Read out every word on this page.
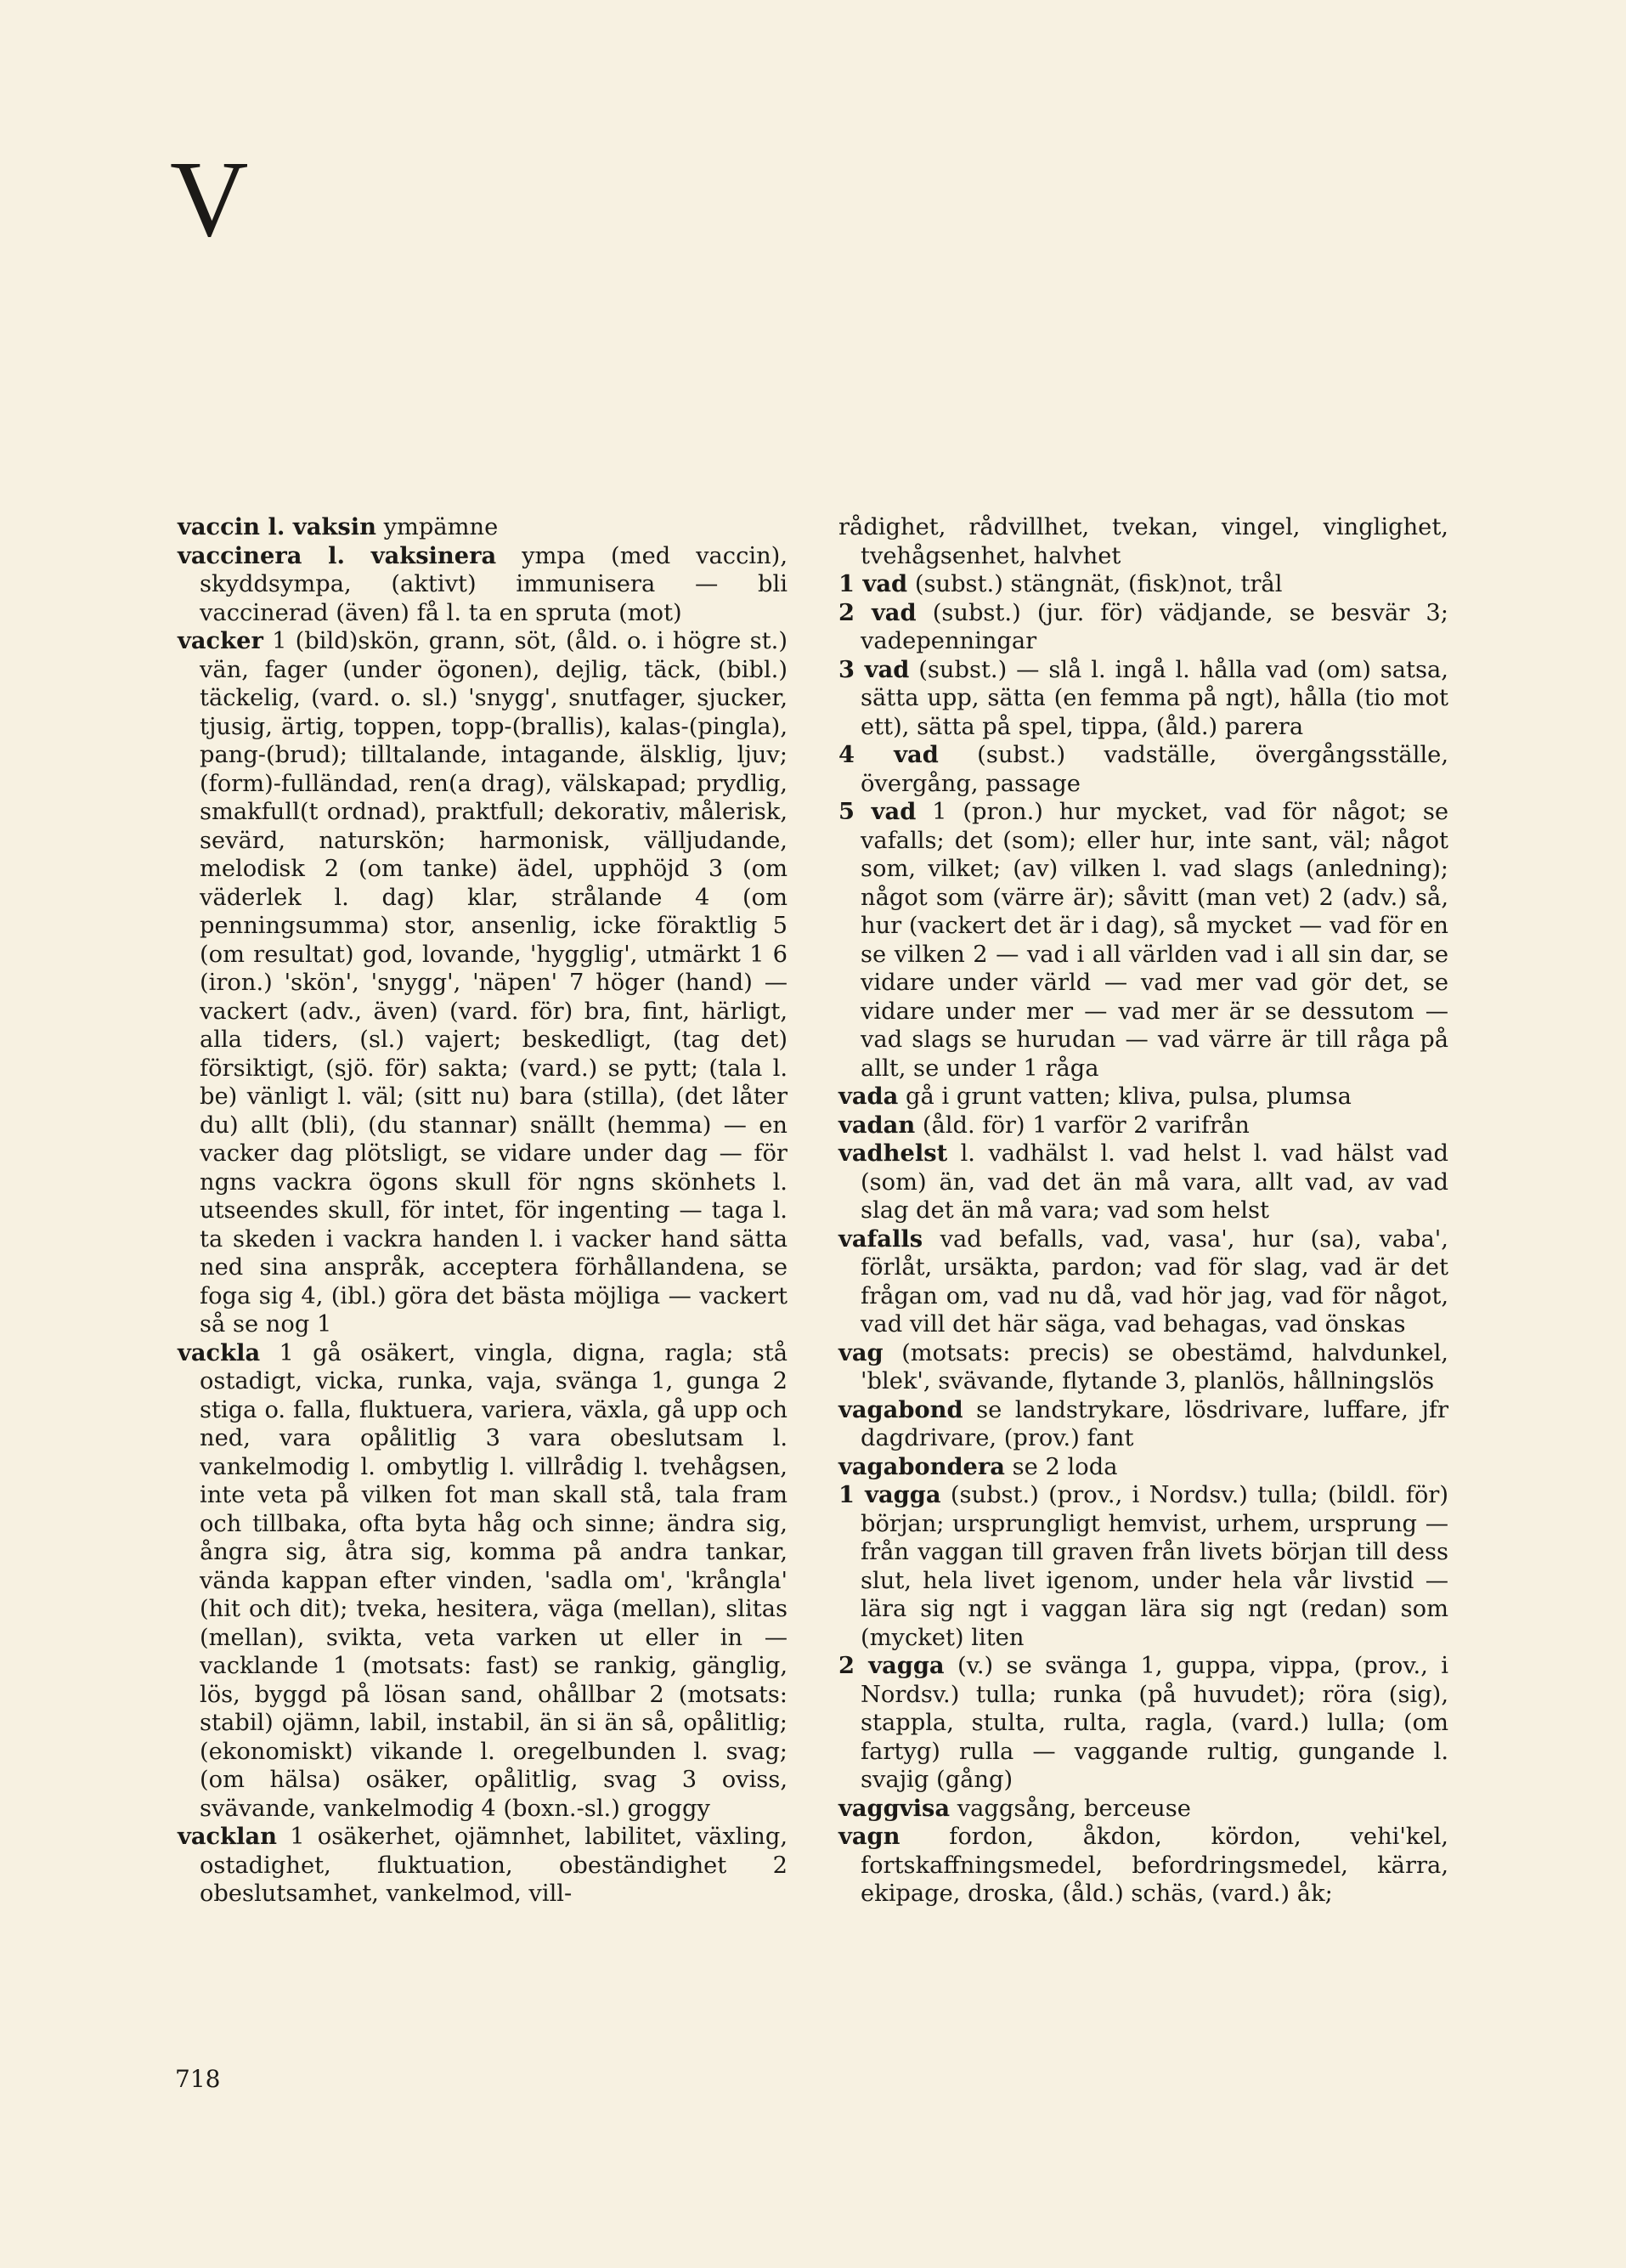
V

vaccin l. vaksin ympämne

vaccinera l. vaksinera ympa (med vaccin), skyddsympa, (aktivt) immunisera — bli vaccinerad (även) få l. ta en spruta (mot)

vacker 1 (bild)skön, grann, söt, (åld. o. i högre st.) vän, fager (under ögonen), dejlig, täck, (bibl.) täckelig, (vard. o. sl.) 'snygg', snutfager, sjucker, tjusig, ärtig, toppen, topp-(brallis), kalas-(pingla), pang-(brud); tilltalande, intagande, älsklig, ljuv; (form)-fulländad, ren(a drag), välskapad; prydlig, smakfull(t ordnad), praktfull; dekorativ, målerisk, sevärd, naturskön; harmonisk, välljudande, melodisk 2 (om tanke) ädel, upphöjd 3 (om väderlek l. dag) klar, strålande 4 (om penningsumma) stor, ansenlig, icke föraktlig 5 (om resultat) god, lovande, 'hygglig', utmärkt 1 6 (iron.) 'skön', 'snygg', 'näpen' 7 höger (hand) — vackert (adv., även) (vard. för) bra, fint, härligt, alla tiders, (sl.) vajert; beskedligt, (tag det) försiktigt, (sjö. för) sakta; (vard.) se pytt; (tala l. be) vänligt l. väl; (sitt nu) bara (stilla), (det låter du) allt (bli), (du stannar) snällt (hemma) — en vacker dag plötsligt, se vidare under dag — för ngns vackra ögons skull för ngns skönhets l. utseendes skull, för intet, för ingenting — taga l. ta skeden i vackra handen l. i vacker hand sätta ned sina anspråk, acceptera förhållandena, se foga sig 4, (ibl.) göra det bästa möjliga — vackert så se nog 1

vackla 1 gå osäkert, vingla, digna, ragla; stå ostadigt, vicka, runka, vaja, svänga 1, gunga 2 stiga o. falla, fluktuera, variera, växla, gå upp och ned, vara opålitlig 3 vara obeslutsam l. vankelmodig l. ombytlig l. villrådig l. tvehågsen, inte veta på vilken fot man skall stå, tala fram och tillbaka, ofta byta håg och sinne; ändra sig, ångra sig, åtra sig, komma på andra tankar, vända kappan efter vinden, 'sadla om', 'krångla' (hit och dit); tveka, hesitera, väga (mellan), slitas (mellan), svikta, veta varken ut eller in — vacklande 1 (motsats: fast) se rankig, gänglig, lös, byggd på lösan sand, ohållbar 2 (motsats: stabil) ojämn, labil, instabil, än si än så, opålitlig; (ekonomiskt) vikande l. oregelbunden l. svag; (om hälsa) osäker, opålitlig, svag 3 oviss, svävande, vankelmodig 4 (boxn.-sl.) groggy

vacklan 1 osäkerhet, ojämnhet, labilitet, växling, ostadighet, fluktuation, obeständighet 2 obeslutsamhet, vankelmod, vill-

rådighet, rådvillhet, tvekan, vingel, vinglighet, tvehågsenhet, halvhet

1 vad (subst.) stängnät, (fisk)not, trål

2 vad (subst.) (jur. för) vädjande, se besvär 3; vadepenningar

3 vad (subst.) — slå l. ingå l. hålla vad (om) satsa, sätta upp, sätta (en femma på ngt), hålla (tio mot ett), sätta på spel, tippa, (åld.) parera

4 vad (subst.) vadställe, övergångsställe, övergång, passage

5 vad 1 (pron.) hur mycket, vad för något; se vafalls; det (som); eller hur, inte sant, väl; något som, vilket; (av) vilken l. vad slags (anledning); något som (värre är); såvitt (man vet) 2 (adv.) så, hur (vackert det är i dag), så mycket — vad för en se vilken 2 — vad i all världen vad i all sin dar, se vidare under värld — vad mer vad gör det, se vidare under mer — vad mer är se dessutom — vad slags se hurudan — vad värre är till råga på allt, se under 1 råga

vada gå i grunt vatten; kliva, pulsa, plumsa

vadan (åld. för) 1 varför 2 varifrån

vadhelst l. vadhälst l. vad helst l. vad hälst vad (som) än, vad det än må vara, allt vad, av vad slag det än må vara; vad som helst

vafalls vad befalls, vad, vasa', hur (sa), vaba', förlåt, ursäkta, pardon; vad för slag, vad är det frågan om, vad nu då, vad hör jag, vad för något, vad vill det här säga, vad behagas, vad önskas

vag (motsats: precis) se obestämd, halvdunkel, 'blek', svävande, flytande 3, planlös, hållningslös

vagabond se landstrykare, lösdrivare, luffare, jfr dagdrivare, (prov.) fant

vagabondera se 2 loda

1 vagga (subst.) (prov., i Nordsv.) tulla; (bildl. för) början; ursprungligt hemvist, urhem, ursprung — från vaggan till graven från livets början till dess slut, hela livet igenom, under hela vår livstid — lära sig ngt i vaggan lära sig ngt (redan) som (mycket) liten

2 vagga (v.) se svänga 1, guppa, vippa, (prov., i Nordsv.) tulla; runka (på huvudet); röra (sig), stappla, stulta, rulta, ragla, (vard.) lulla; (om fartyg) rulla — vaggande rultig, gungande l. svajig (gång)

vaggvisa vaggsång, berceuse

vagn fordon, åkdon, kördon, vehi'kel, fortskaffningsmedel, befordringsmedel, kärra, ekipage, droska, (åld.) schäs, (vard.) åk;

718
